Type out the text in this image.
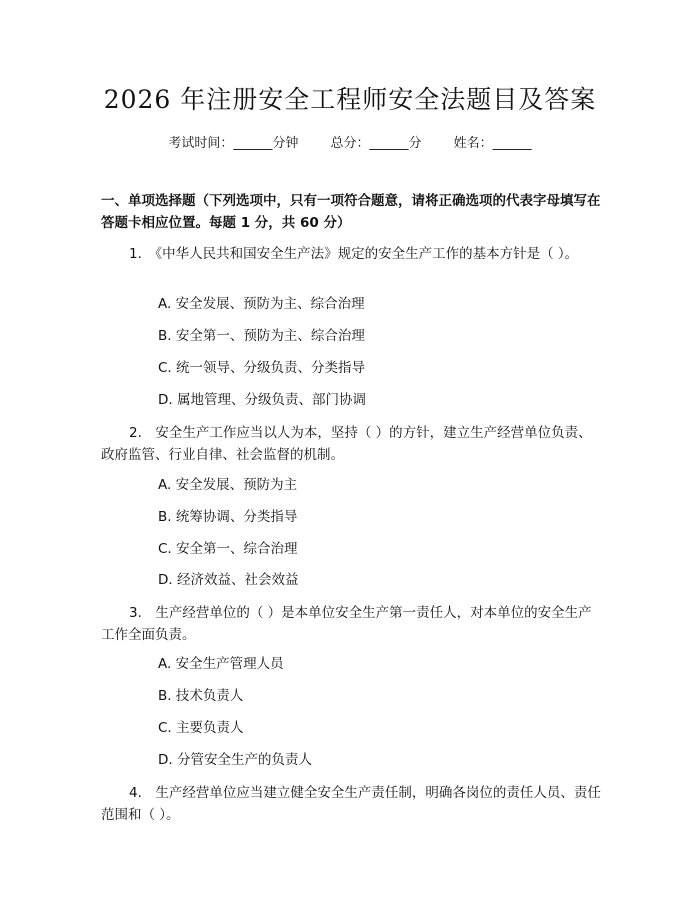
2026 年注册安全工程师安全法题目及答案
考试时间：______分钟 总分：______分 姓名：______
一、单项选择题（下列选项中，只有一项符合题意，请将正确选项的代表字母填写在答题卡相应位置。每题 1 分，共 60 分）
1.　《中华人民共和国安全生产法》规定的安全生产工作的基本方针是（ ）。
A. 安全发展、预防为主、综合治理
B. 安全第一、预防为主、综合治理
C. 统一领导、分级负责、分类指导
D. 属地管理、分级负责、部门协调
2.　安全生产工作应当以人为本，坚持（ ）的方针，建立生产经营单位负责、政府监管、行业自律、社会监督的机制。
A. 安全发展、预防为主
B. 统筹协调、分类指导
C. 安全第一、综合治理
D. 经济效益、社会效益
3.　生产经营单位的（ ）是本单位安全生产第一责任人，对本单位的安全生产工作全面负责。
A. 安全生产管理人员
B. 技术负责人
C. 主要负责人
D. 分管安全生产的负责人
4.　生产经营单位应当建立健全安全生产责任制，明确各岗位的责任人员、责任范围和（ ）。
